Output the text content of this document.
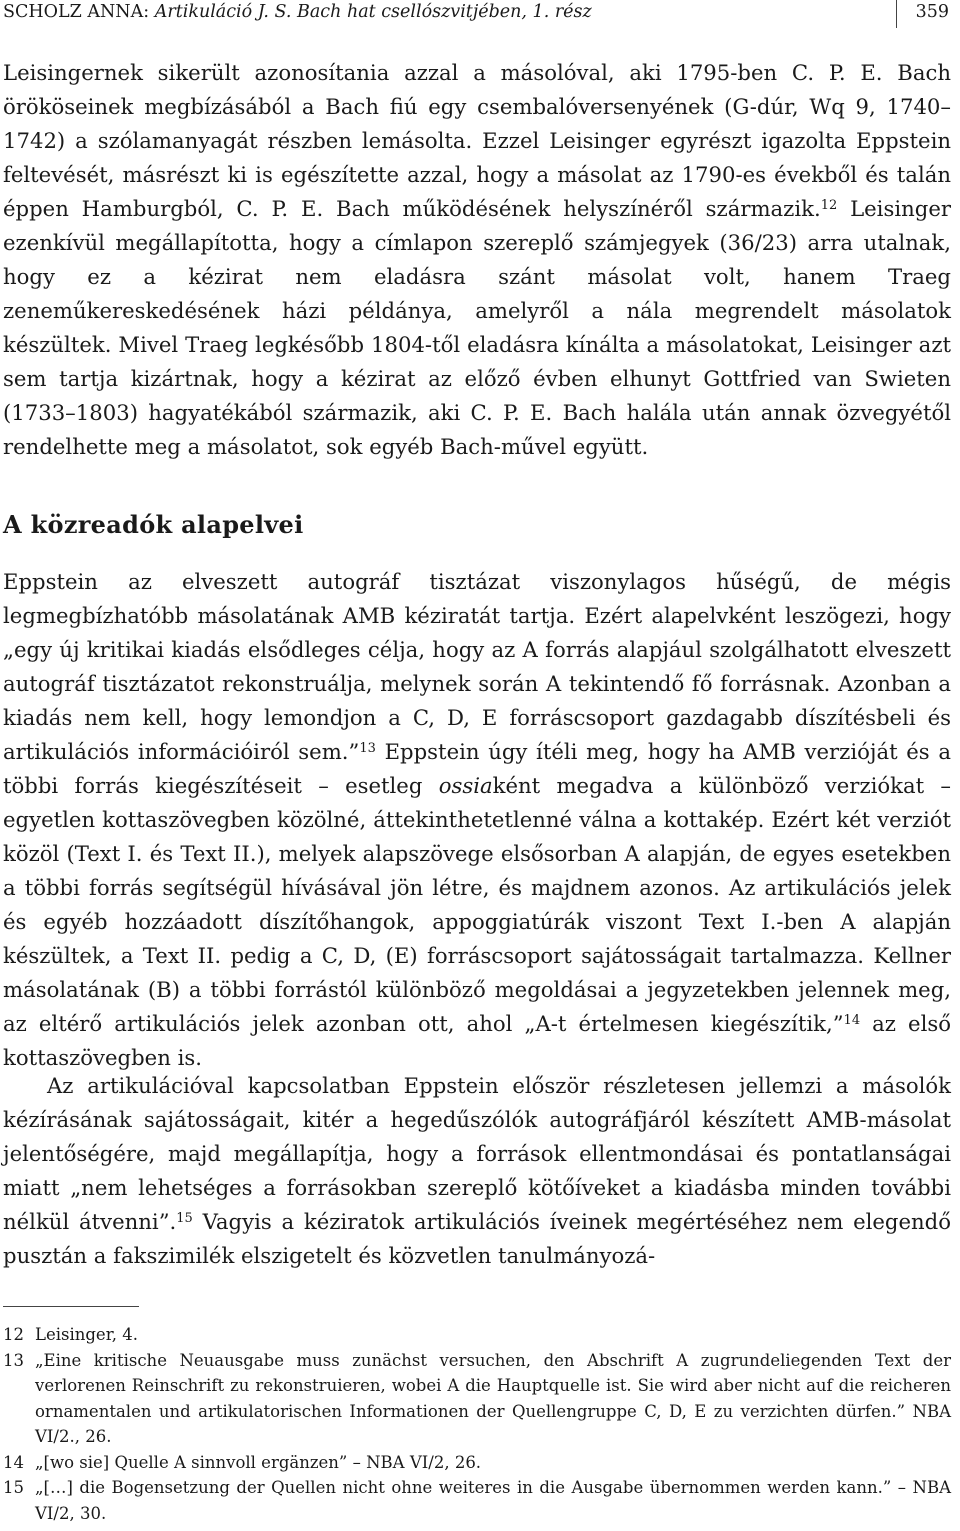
SCHOLZ ANNA: Artikuláció J. S. Bach hat csellószvitjében, 1. rész	359

Leisingernek sikerült azonosítania azzal a másolóval, aki 1795-ben C. P. E. Bach örököseinek megbízásából a Bach fiú egy csembalóversenyének (G-dúr, Wq 9, 1740–1742) a szólamanyagát részben lemásolta. Ezzel Leisinger egyrészt igazolta Eppstein feltevését, másrészt ki is egészítette azzal, hogy a másolat az 1790-es évekből és talán éppen Hamburgból, C. P. E. Bach működésének helyszínéről származik.$^{12}$ Leisinger ezenkívül megállapította, hogy a címlapon szereplő számjegyek (36/23) arra utalnak, hogy ez a kézirat nem eladásra szánt másolat volt, hanem Traeg zeneműkereskedésének házi példánya, amelyről a nála megrendelt másolatok készültek. Mivel Traeg legkésőbb 1804-től eladásra kínálta a másolatokat, Leisinger azt sem tartja kizártnak, hogy a kézirat az előző évben elhunyt Gottfried van Swieten (1733–1803) hagyatékából származik, aki C. P. E. Bach halála után annak özvegyétől rendelhette meg a másolatot, sok egyéb Bach-művel együtt.

A közreadók alapelvei

Eppstein az elveszett autográf tisztázat viszonylagos hűségű, de mégis legmegbízhatóbb másolatának AMB kéziratát tartja. Ezért alapelvként leszögezi, hogy „egy új kritikai kiadás elsődleges célja, hogy az A forrás alapjául szolgálhatott elveszett autográf tisztázatot rekonstruálja, melynek során A tekintendő fő forrásnak. Azonban a kiadás nem kell, hogy lemondjon a C, D, E forráscsoport gazdagabb díszítésbeli és artikulációs információiról sem.”$^{13}$ Eppstein úgy ítéli meg, hogy ha AMB verzióját és a többi forrás kiegészítéseit – esetleg ossiaként megadva a különböző verziókat – egyetlen kottaszövegben közölné, áttekinthetetlenné válna a kottakép. Ezért két verziót közöl (Text I. és Text II.), melyek alapszövege elsősorban A alapján, de egyes esetekben a többi forrás segítségül hívásával jön létre, és majdnem azonos. Az artikulációs jelek és egyéb hozzáadott díszítőhangok, appoggiatúrák viszont Text I.-ben A alapján készültek, a Text II. pedig a C, D, (E) forráscsoport sajátosságait tartalmazza. Kellner másolatának (B) a többi forrástól különböző megoldásai a jegyzetekben jelennek meg, az eltérő artikulációs jelek azonban ott, ahol „A-t értelmesen kiegészítik,”$^{14}$ az első kottaszövegben is.

Az artikulációval kapcsolatban Eppstein először részletesen jellemzi a másolók kézírásának sajátosságait, kitér a hegedűszólók autográfjáról készített AMB-másolat jelentőségére, majd megállapítja, hogy a források ellentmondásai és pontatlanságai miatt „nem lehetséges a forrásokban szereplő kötőíveket a kiadásba minden további nélkül átvenni”.$^{15}$ Vagyis a kéziratok artikulációs íveinek megértéséhez nem elegendő pusztán a fakszimilék elszigetelt és közvetlen tanulmányozá-

12 Leisinger, 4.

13 „Eine kritische Neuausgabe muss zunächst versuchen, den Abschrift A zugrundeliegenden Text der verlorenen Reinschrift zu rekonstruieren, wobei A die Hauptquelle ist. Sie wird aber nicht auf die reicheren ornamentalen und artikulatorischen Informationen der Quellengruppe C, D, E zu verzichten dürfen.” NBA VI/2., 26.

14 „[wo sie] Quelle A sinnvoll ergänzen” – NBA VI/2, 26.

15 „[…] die Bogensetzung der Quellen nicht ohne weiteres in die Ausgabe übernommen werden kann.” – NBA VI/2, 30.
